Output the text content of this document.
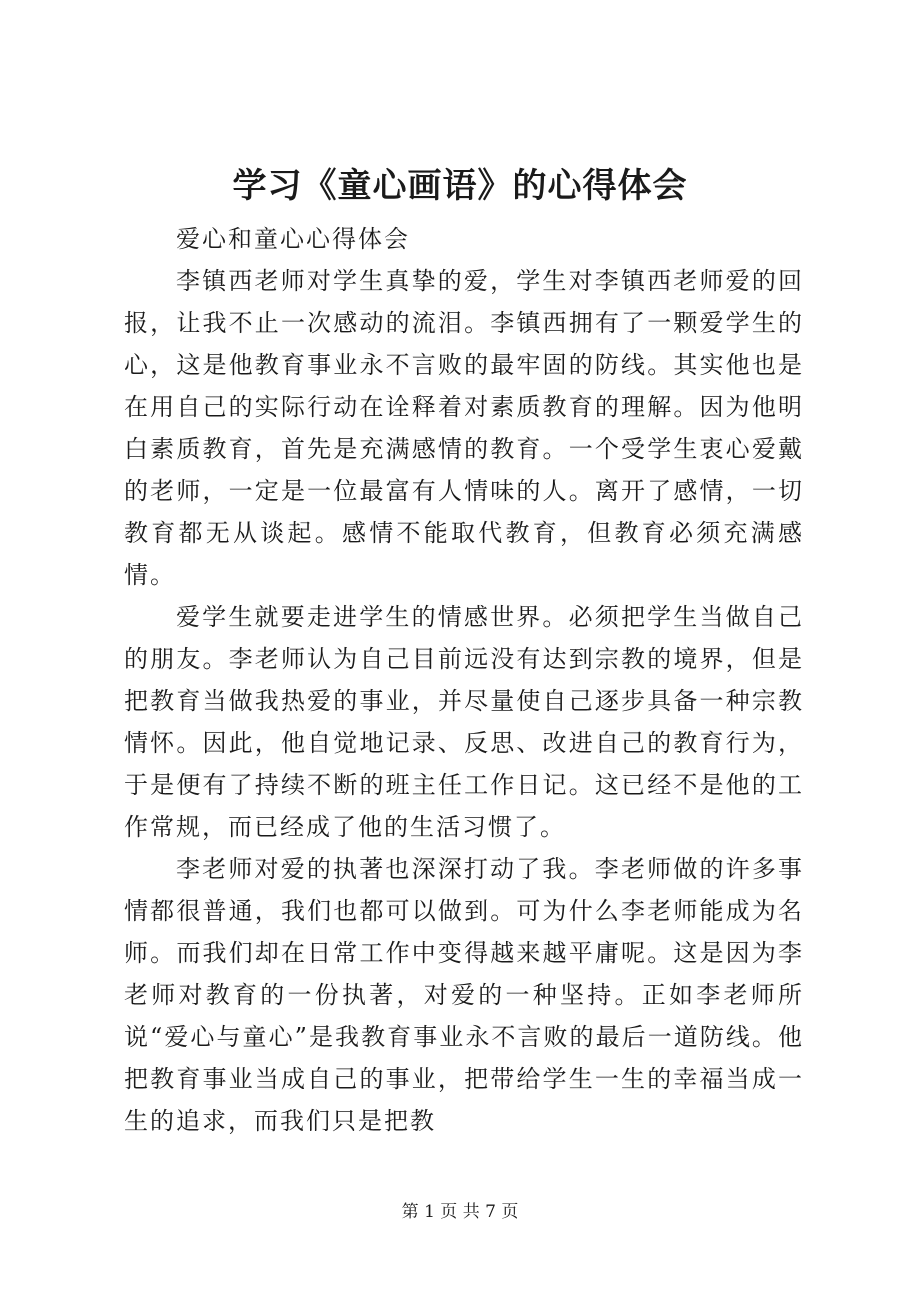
学习《童心画语》的心得体会

爱心和童心心得体会

李镇西老师对学生真挚的爱，学生对李镇西老师爱的回报，让我不止一次感动的流泪。李镇西拥有了一颗爱学生的心，这是他教育事业永不言败的最牢固的防线。其实他也是在用自己的实际行动在诠释着对素质教育的理解。因为他明白素质教育，首先是充满感情的教育。一个受学生衷心爱戴的老师，一定是一位最富有人情味的人。离开了感情，一切教育都无从谈起。感情不能取代教育，但教育必须充满感情。

爱学生就要走进学生的情感世界。必须把学生当做自己的朋友。李老师认为自己目前远没有达到宗教的境界，但是把教育当做我热爱的事业，并尽量使自己逐步具备一种宗教情怀。因此，他自觉地记录、反思、改进自己的教育行为，于是便有了持续不断的班主任工作日记。这已经不是他的工作常规，而已经成了他的生活习惯了。

李老师对爱的执著也深深打动了我。李老师做的许多事情都很普通，我们也都可以做到。可为什么李老师能成为名师。而我们却在日常工作中变得越来越平庸呢。这是因为李老师对教育的一份执著，对爱的一种坚持。正如李老师所说“爱心与童心”是我教育事业永不言败的最后一道防线。他把教育事业当成自己的事业，把带给学生一生的幸福当成一生的追求，而我们只是把教

第 1 页 共 7 页
